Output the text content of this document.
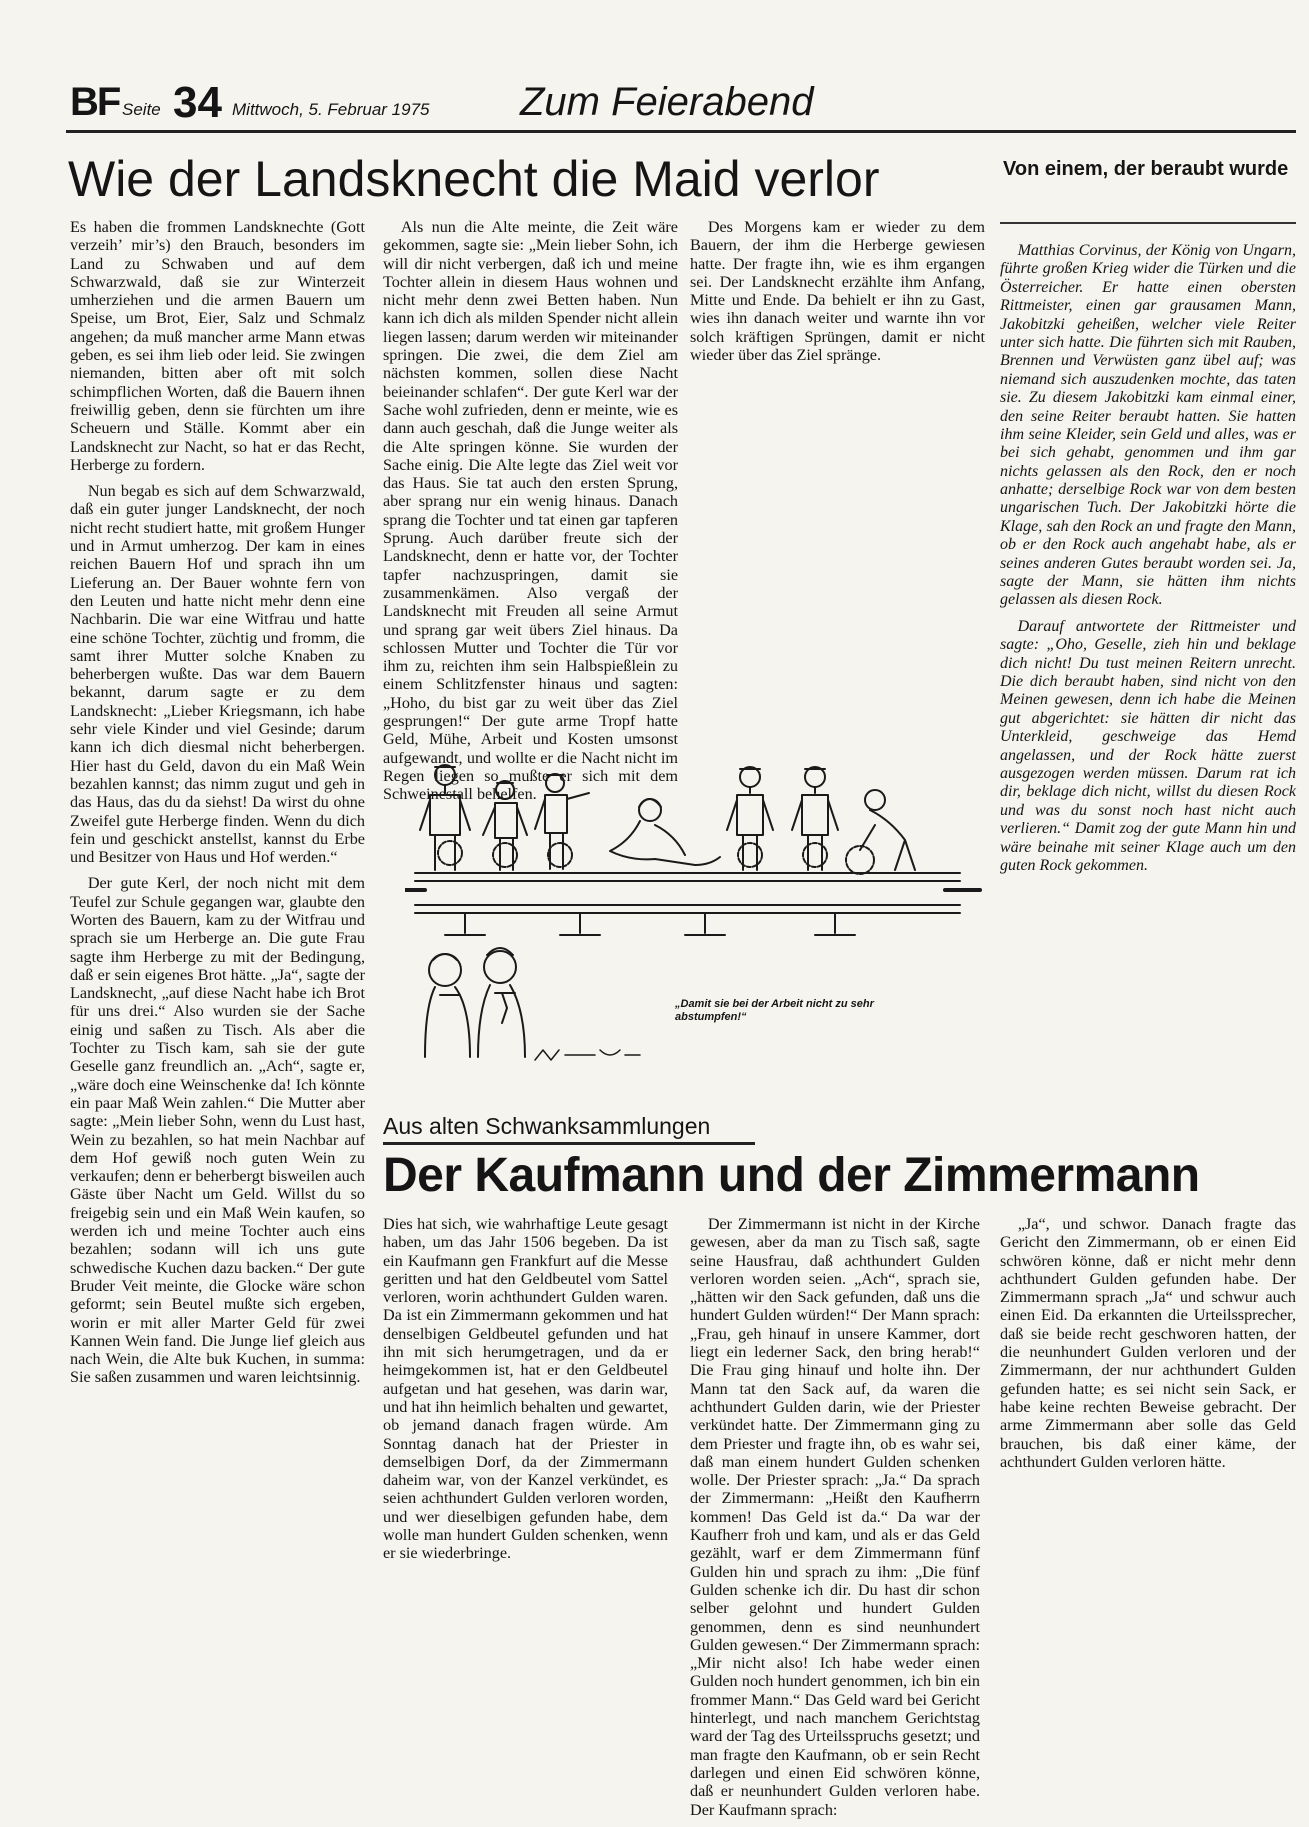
BF Seite 34 Mittwoch, 5. Februar 1975 Zum Feierabend
Wie der Landsknecht die Maid verlor

Es haben die frommen Landsknechte (Gott verzeih’ mir’s) den Brauch, besonders im Land zu Schwaben und auf dem Schwarzwald, daß sie zur Winterzeit umherziehen und die armen Bauern um Speise, um Brot, Eier, Salz und Schmalz angehen; da muß mancher arme Mann etwas geben, es sei ihm lieb oder leid. Sie zwingen niemanden, bitten aber oft mit solch schimpflichen Worten, daß die Bauern ihnen freiwillig geben, denn sie fürchten um ihre Scheuern und Ställe. Kommt aber ein Landsknecht zur Nacht, so hat er das Recht, Herberge zu fordern.

Nun begab es sich auf dem Schwarzwald, daß ein guter junger Landsknecht, der noch nicht recht studiert hatte, mit großem Hunger und in Armut umherzog. Der kam in eines reichen Bauern Hof und sprach ihn um Lieferung an. Der Bauer wohnte fern von den Leuten und hatte nicht mehr denn eine Nachbarin. Die war eine Witfrau und hatte eine schöne Tochter, züchtig und fromm, die samt ihrer Mutter solche Knaben zu beherbergen wußte. Das war dem Bauern bekannt, darum sagte er zu dem Landsknecht: „Lieber Kriegsmann, ich habe sehr viele Kinder und viel Gesinde; darum kann ich dich diesmal nicht beherbergen. Hier hast du Geld, davon du ein Maß Wein bezahlen kannst; das nimm zugut und geh in das Haus, das du da siehst! Da wirst du ohne Zweifel gute Herberge finden. Wenn du dich fein und geschickt anstellst, kannst du Erbe und Besitzer von Haus und Hof werden.“

Der gute Kerl, der noch nicht mit dem Teufel zur Schule gegangen war, glaubte den Worten des Bauern, kam zu der Witfrau und sprach sie um Herberge an. Die gute Frau sagte ihm Herberge zu mit der Bedingung, daß er sein eigenes Brot hätte. „Ja“, sagte der Landsknecht, „auf diese Nacht habe ich Brot für uns drei.“ Also wurden sie der Sache einig und saßen zu Tisch. Als aber die Tochter zu Tisch kam, sah sie der gute Geselle ganz freundlich an. „Ach“, sagte er, „wäre doch eine Weinschenke da! Ich könnte ein paar Maß Wein zahlen.“ Die Mutter aber sagte: „Mein lieber Sohn, wenn du Lust hast, Wein zu bezahlen, so hat mein Nachbar auf dem Hof gewiß noch guten Wein zu verkaufen; denn er beherbergt bisweilen auch Gäste über Nacht um Geld. Willst du so freigebig sein und ein Maß Wein kaufen, so werden ich und meine Tochter auch eins bezahlen; sodann will ich uns gute schwedische Kuchen dazu backen.“ Der gute Bruder Veit meinte, die Glocke wäre schon geformt; sein Beutel mußte sich ergeben, worin er mit aller Marter Geld für zwei Kannen Wein fand. Die Junge lief gleich aus nach Wein, die Alte buk Kuchen, in summa: Sie saßen zusammen und waren leichtsinnig.

Als nun die Alte meinte, die Zeit wäre gekommen, sagte sie: „Mein lieber Sohn, ich will dir nicht verbergen, daß ich und meine Tochter allein in diesem Haus wohnen und nicht mehr denn zwei Betten haben. Nun kann ich dich als milden Spender nicht allein liegen lassen; darum werden wir miteinander springen. Die zwei, die dem Ziel am nächsten kommen, sollen diese Nacht beieinander schlafen“. Der gute Kerl war der Sache wohl zufrieden, denn er meinte, wie es dann auch geschah, daß die Junge weiter als die Alte springen könne. Sie wurden der Sache einig. Die Alte legte das Ziel weit vor das Haus. Sie tat auch den ersten Sprung, aber sprang nur ein wenig hinaus. Danach sprang die Tochter und tat einen gar tapferen Sprung. Auch darüber freute sich der Landsknecht, denn er hatte vor, der Tochter tapfer nachzuspringen, damit sie zusammenkämen. Also vergaß der Landsknecht mit Freuden all seine Armut und sprang gar weit übers Ziel hinaus. Da schlossen Mutter und Tochter die Tür vor ihm zu, reichten ihm sein Halbspießlein zu einem Schlitzfenster hinaus und sagten: „Hoho, du bist gar zu weit über das Ziel gesprungen!“ Der gute arme Tropf hatte Geld, Mühe, Arbeit und Kosten umsonst aufgewandt, und wollte er die Nacht nicht im Regen liegen so mußte er sich mit dem Schweinestall behelfen.

Des Morgens kam er wieder zu dem Bauern, der ihm die Herberge gewiesen hatte. Der fragte ihn, wie es ihm ergangen sei. Der Landsknecht erzählte ihm Anfang, Mitte und Ende. Da behielt er ihn zu Gast, wies ihn danach weiter und warnte ihn vor solch kräftigen Sprüngen, damit er nicht wieder über das Ziel spränge.

Von einem, der beraubt wurde

Matthias Corvinus, der König von Ungarn, führte großen Krieg wider die Türken und die Österreicher. Er hatte einen obersten Rittmeister, einen gar grausamen Mann, Jakobitzki geheißen, welcher viele Reiter unter sich hatte. Die führten sich mit Rauben, Brennen und Verwüsten ganz übel auf; was niemand sich auszudenken mochte, das taten sie. Zu diesem Jakobitzki kam einmal einer, den seine Reiter beraubt hatten. Sie hatten ihm seine Kleider, sein Geld und alles, was er bei sich gehabt, genommen und ihm gar nichts gelassen als den Rock, den er noch anhatte; derselbige Rock war von dem besten ungarischen Tuch. Der Jakobitzki hörte die Klage, sah den Rock an und fragte den Mann, ob er den Rock auch angehabt habe, als er seines anderen Gutes beraubt worden sei. Ja, sagte der Mann, sie hätten ihm nichts gelassen als diesen Rock.

Darauf antwortete der Rittmeister und sagte: „Oho, Geselle, zieh hin und beklage dich nicht! Du tust meinen Reitern unrecht. Die dich beraubt haben, sind nicht von den Meinen gewesen, denn ich habe die Meinen gut abgerichtet: sie hätten dir nicht das Unterkleid, geschweige das Hemd angelassen, und der Rock hätte zuerst ausgezogen werden müssen. Darum rat ich dir, beklage dich nicht, willst du diesen Rock und was du sonst noch hast nicht auch verlieren.“ Damit zog der gute Mann hin und wäre beinahe mit seiner Klage auch um den guten Rock gekommen.

„Damit sie bei der Arbeit nicht zu sehr abstumpfen!“
Aus alten Schwanksammlungen
Der Kaufmann und der Zimmermann

Dies hat sich, wie wahrhaftige Leute gesagt haben, um das Jahr 1506 begeben. Da ist ein Kaufmann gen Frankfurt auf die Messe geritten und hat den Geldbeutel vom Sattel verloren, worin achthundert Gulden waren. Da ist ein Zimmermann gekommen und hat denselbigen Geldbeutel gefunden und hat ihn mit sich herumgetragen, und da er heimgekommen ist, hat er den Geldbeutel aufgetan und hat gesehen, was darin war, und hat ihn heimlich behalten und gewartet, ob jemand danach fragen würde. Am Sonntag danach hat der Priester in demselbigen Dorf, da der Zimmermann daheim war, von der Kanzel verkündet, es seien achthundert Gulden verloren worden, und wer dieselbigen gefunden habe, dem wolle man hundert Gulden schenken, wenn er sie wiederbringe.

Der Zimmermann ist nicht in der Kirche gewesen, aber da man zu Tisch saß, sagte seine Hausfrau, daß achthundert Gulden verloren worden seien. „Ach“, sprach sie, „hätten wir den Sack gefunden, daß uns die hundert Gulden würden!“ Der Mann sprach: „Frau, geh hinauf in unsere Kammer, dort liegt ein lederner Sack, den bring herab!“ Die Frau ging hinauf und holte ihn. Der Mann tat den Sack auf, da waren die achthundert Gulden darin, wie der Priester verkündet hatte. Der Zimmermann ging zu dem Priester und fragte ihn, ob es wahr sei, daß man einem hundert Gulden schenken wolle. Der Priester sprach: „Ja.“ Da sprach der Zimmermann: „Heißt den Kaufherrn kommen! Das Geld ist da.“ Da war der Kaufherr froh und kam, und als er das Geld gezählt, warf er dem Zimmermann fünf Gulden hin und sprach zu ihm: „Die fünf Gulden schenke ich dir. Du hast dir schon selber gelohnt und hundert Gulden genommen, denn es sind neunhundert Gulden gewesen.“ Der Zimmermann sprach: „Mir nicht also! Ich habe weder einen Gulden noch hundert genommen, ich bin ein frommer Mann.“ Das Geld ward bei Gericht hinterlegt, und nach manchem Gerichtstag ward der Tag des Urteilsspruchs gesetzt; und man fragte den Kaufmann, ob er sein Recht darlegen und einen Eid schwören könne, daß er neunhundert Gulden verloren habe. Der Kaufmann sprach:

„Ja“, und schwor. Danach fragte das Gericht den Zimmermann, ob er einen Eid schwören könne, daß er nicht mehr denn achthundert Gulden gefunden habe. Der Zimmermann sprach „Ja“ und schwur auch einen Eid. Da erkannten die Urteilssprecher, daß sie beide recht geschworen hatten, der die neunhundert Gulden verloren und der Zimmermann, der nur achthundert Gulden gefunden hatte; es sei nicht sein Sack, er habe keine rechten Beweise gebracht. Der arme Zimmermann aber solle das Geld brauchen, bis daß einer käme, der achthundert Gulden verloren hätte.
